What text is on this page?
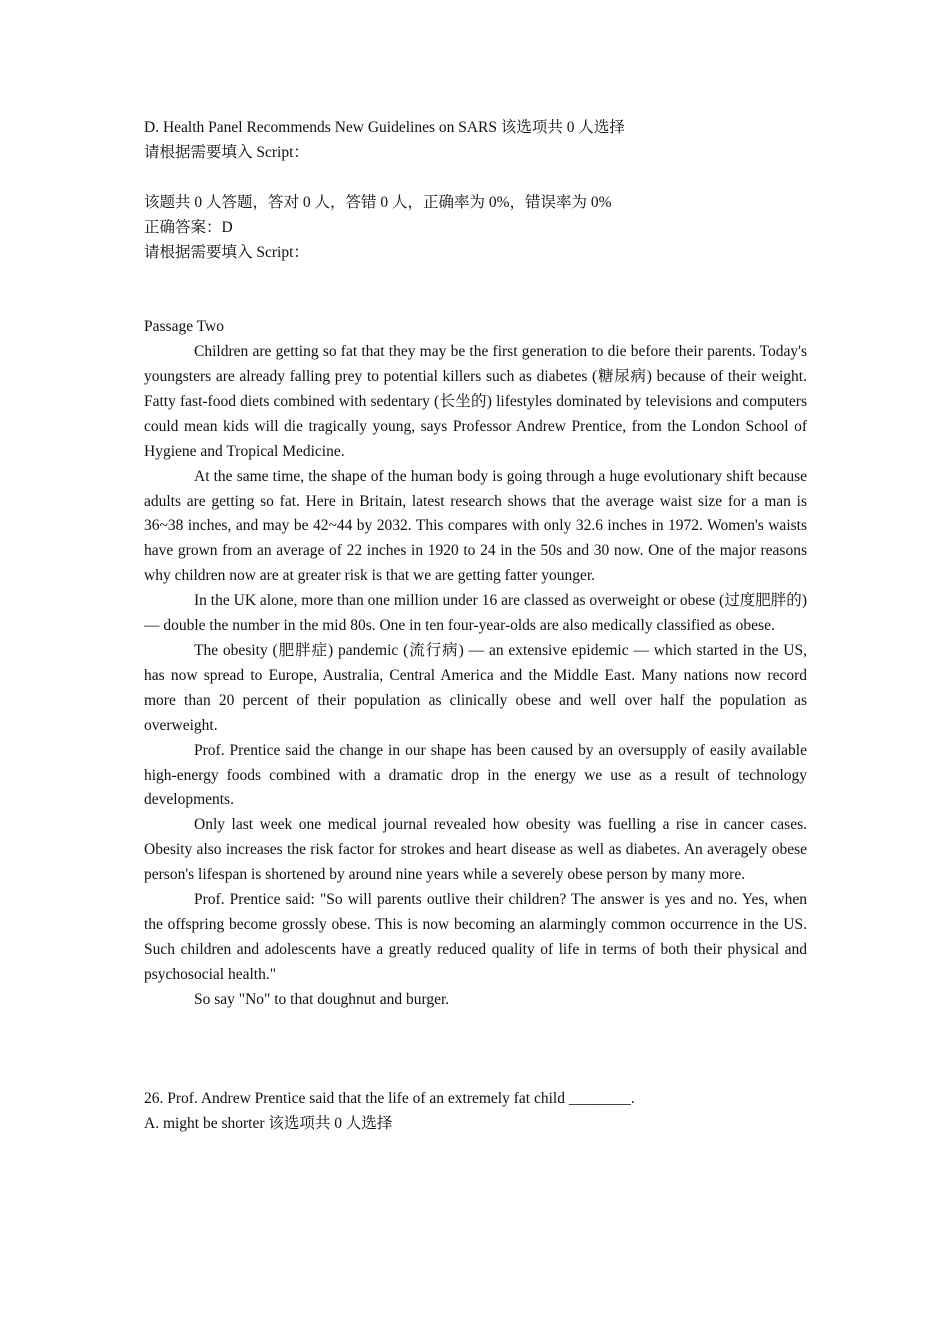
D. Health Panel Recommends New Guidelines on SARS 该选项共 0 人选择

请根据需要填入 Script：

该题共 0 人答题，答对 0 人，答错 0 人，正确率为 0%，错误率为 0%

正确答案：D

请根据需要填入 Script：

Passage Two

Children are getting so fat that they may be the first generation to die before their parents. Today's youngsters are already falling prey to potential killers such as diabetes (糖尿病) because of their weight. Fatty fast-food diets combined with sedentary (长坐的) lifestyles dominated by televisions and computers could mean kids will die tragically young, says Professor Andrew Prentice, from the London School of Hygiene and Tropical Medicine.

At the same time, the shape of the human body is going through a huge evolutionary shift because adults are getting so fat. Here in Britain, latest research shows that the average waist size for a man is 36~38 inches, and may be 42~44 by 2032. This compares with only 32.6 inches in 1972. Women's waists have grown from an average of 22 inches in 1920 to 24 in the 50s and 30 now. One of the major reasons why children now are at greater risk is that we are getting fatter younger.

In the UK alone, more than one million under 16 are classed as overweight or obese (过度肥胖的) — double the number in the mid 80s. One in ten four-year-olds are also medically classified as obese.

The obesity (肥胖症) pandemic (流行病) — an extensive epidemic — which started in the US, has now spread to Europe, Australia, Central America and the Middle East. Many nations now record more than 20 percent of their population as clinically obese and well over half the population as overweight.

Prof. Prentice said the change in our shape has been caused by an oversupply of easily available high-energy foods combined with a dramatic drop in the energy we use as a result of technology developments.

Only last week one medical journal revealed how obesity was fuelling a rise in cancer cases. Obesity also increases the risk factor for strokes and heart disease as well as diabetes. An averagely obese person's lifespan is shortened by around nine years while a severely obese person by many more.

Prof. Prentice said: "So will parents outlive their children? The answer is yes and no. Yes, when the offspring become grossly obese. This is now becoming an alarmingly common occurrence in the US. Such children and adolescents have a greatly reduced quality of life in terms of both their physical and psychosocial health."

So say "No" to that doughnut and burger.

26. Prof. Andrew Prentice said that the life of an extremely fat child ________.

A. might be shorter 该选项共 0 人选择
